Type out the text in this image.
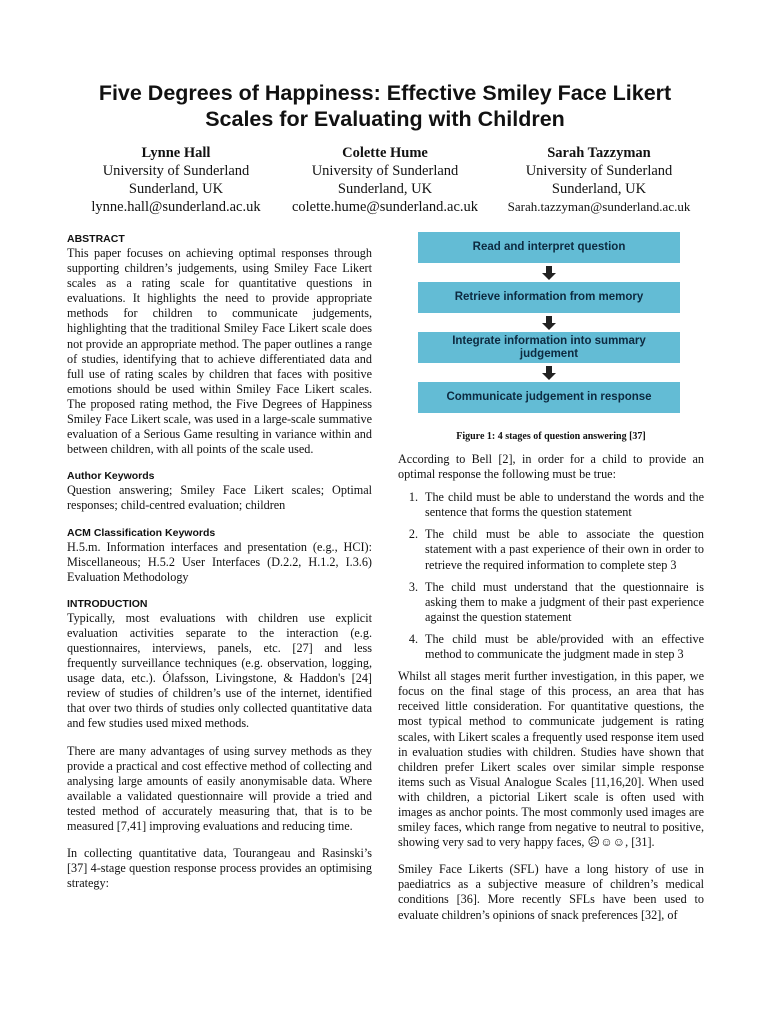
Five Degrees of Happiness: Effective Smiley Face Likert
Scales for Evaluating with Children
Lynne Hall
University of Sunderland
Sunderland, UK
lynne.hall@sunderland.ac.uk
Colette Hume
University of Sunderland
Sunderland, UK
colette.hume@sunderland.ac.uk
Sarah Tazzyman
University of Sunderland
Sunderland, UK
Sarah.tazzyman@sunderland.ac.uk

ABSTRACT

This paper focuses on achieving optimal responses through supporting children’s judgements, using Smiley Face Likert scales as a rating scale for quantitative questions in evaluations. It highlights the need to provide appropriate methods for children to communicate judgements, highlighting that the traditional Smiley Face Likert scale does not provide an appropriate method. The paper outlines a range of studies, identifying that to achieve differentiated data and full use of rating scales by children that faces with positive emotions should be used within Smiley Face Likert scales. The proposed rating method, the Five Degrees of Happiness Smiley Face Likert scale, was used in a large-scale summative evaluation of a Serious Game resulting in variance within and between children, with all points of the scale used.

Author Keywords

Question answering; Smiley Face Likert scales; Optimal responses; child-centred evaluation; children

ACM Classification Keywords

H.5.m. Information interfaces and presentation (e.g., HCI): Miscellaneous; H.5.2 User Interfaces (D.2.2, H.1.2, I.3.6) Evaluation Methodology

INTRODUCTION

Typically, most evaluations with children use explicit evaluation activities separate to the interaction (e.g. questionnaires, interviews, panels, etc. [27] and less frequently surveillance techniques (e.g. observation, logging, usage data, etc.). Ólafsson, Livingstone, & Haddon's [24] review of studies of children’s use of the internet, identified that over two thirds of studies only collected quantitative data and few studies used mixed methods.

There are many advantages of using survey methods as they provide a practical and cost effective method of collecting and analysing large amounts of easily anonymisable data. Where available a validated questionnaire will provide a tried and tested method of accurately measuring that, that is to be measured [7,41] improving evaluations and reducing time.

In collecting quantitative data, Tourangeau and Rasinski’s [37] 4-stage question response process provides an optimising strategy:

Read and interpret question
Retrieve information from memory
Integrate information into summary judgement
Communicate judgement in response
Figure 1: 4 stages of question answering [37]

According to Bell [2], in order for a child to provide an optimal response the following must be true:

1. The child must be able to understand the words and the sentence that forms the question statement
2. The child must be able to associate the question statement with a past experience of their own in order to retrieve the required information to complete step 3
3. The child must understand that the questionnaire is asking them to make a judgment of their past experience against the question statement
4. The child must be able/provided with an effective method to communicate the judgment made in step 3

Whilst all stages merit further investigation, in this paper, we focus on the final stage of this process, an area that has received little consideration. For quantitative questions, the most typical method to communicate judgement is rating scales, with Likert scales a frequently used response item used in evaluation studies with children. Studies have shown that children prefer Likert scales over similar simple response items such as Visual Analogue Scales [11,16,20]. When used with children, a pictorial Likert scale is often used with images as anchor points. The most commonly used images are smiley faces, which range from negative to neutral to positive, showing very sad to very happy faces, ☹☺☺, [31].

Smiley Face Likerts (SFL) have a long history of use in paediatrics as a subjective measure of children’s medical conditions [36]. More recently SFLs have been used to evaluate children’s opinions of snack preferences [32], of
